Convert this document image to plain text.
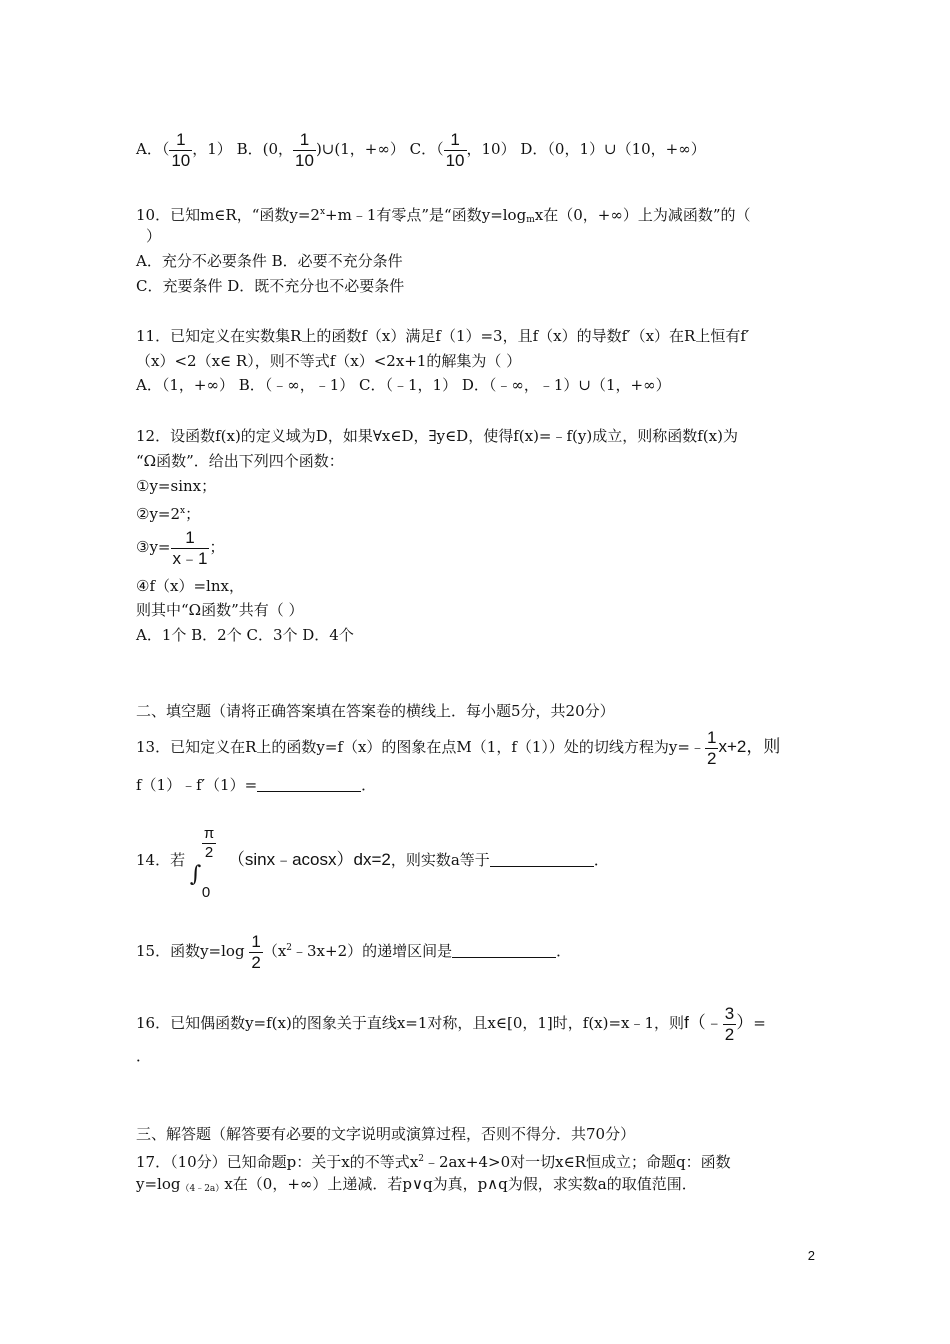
A．（ $\frac{1}{10}$ ，1） B．(0， $\frac{1}{10}$ )∪(1，+∞） C．（ $\frac{1}{10}$ ，10） D．（0，1）∪（10，+∞）
10．已知m∈R，“函数$y=2^x+m﹣1$有零点”是“函数$y=\log_mx$在（0，+∞）上为减函数”的（
）
A．充分不必要条件 B．必要不充分条件
C．充要条件 D．既不充分也不必要条件
11．已知定义在实数集R上的函数f（x）满足f（1）=3，且f（x）的导数f′（x）在R上恒有f′
（x）<2（x∈ R），则不等式f（x）<2x+1的解集为（ ）
A．（1，+∞） B．（﹣∞，﹣1） C．（﹣1，1） D．（﹣∞，﹣1）∪（1，+∞）
12．设函数f(x)的定义域为D，如果∀x∈D，∃y∈D，使得f(x)=﹣f(y)成立，则称函数f(x)为
“Ω函数”．给出下列四个函数：
①y=sinx；
$②y=2^x$；
③y= $\frac{1}{x﹣1}$ ；
④f（x）=lnx，
则其中“Ω函数”共有（ ）
A．1个 B．2个 C．3个 D．4个
二、填空题（请将正确答案填在答案卷的横线上．每小题5分，共20分）
13．已知定义在R上的函数y=f（x）的图象在点M（1，f（1））处的切线方程为y=﹣ $\frac{1}{2} x+2$，则
f（1）﹣f′（1）=	．
14．若
∫
$\frac{\pi}{2}$
0
（sinx﹣acosx）dx=2，则实数a等于	．
15．函数$y=\log \frac{1}{2}$ $(x^2﹣3x+2)$的递增区间是	．
16．已知偶函数y=f(x)的图象关于直线x=1对称，且x∈[0，1]时，f(x)=x﹣1，则f（﹣ $\frac{3}{2}$ ）=
．
三、解答题（解答要有必要的文字说明或演算过程，否则不得分．共70分）
17．（10分）已知命题p：关于x的不等式$x^2﹣2ax+4>0$对一切x∈R恒成立；命题q：函数
$y=\log_{(4﹣2a)}x$在（0，+∞）上递减．若p∨q为真，p∧q为假，求实数a的取值范围．
2
